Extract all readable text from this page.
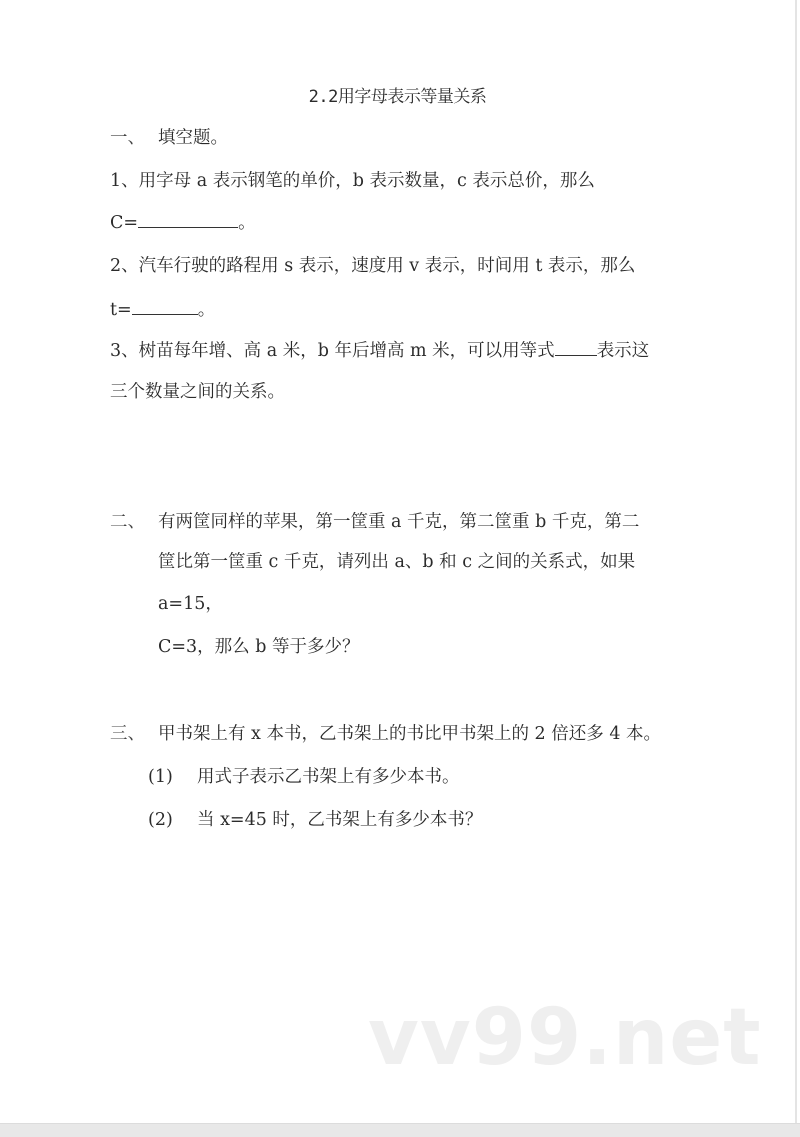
2.2用字母表示等量关系
一、 填空题。
1、用字母 a 表示钢笔的单价，b 表示数量，c 表示总价，那么
C=	。
2、汽车行驶的路程用 s 表示，速度用 v 表示，时间用 t 表示，那么
t=	。
3、树苗每年增、高 a 米，b 年后增高 m 米，可以用等式 表示这
三个数量之间的关系。
二、 有两筐同样的苹果，第一筐重 a 千克，第二筐重 b 千克，第二
筐比第一筐重 c 千克，请列出 a、b 和 c 之间的关系式，如果
a=15，
C=3，那么 b 等于多少？
三、 甲书架上有 x 本书，乙书架上的书比甲书架上的 2 倍还多 4 本。
(1) 用式子表示乙书架上有多少本书。
(2) 当 x=45 时，乙书架上有多少本书？
vv99.net
